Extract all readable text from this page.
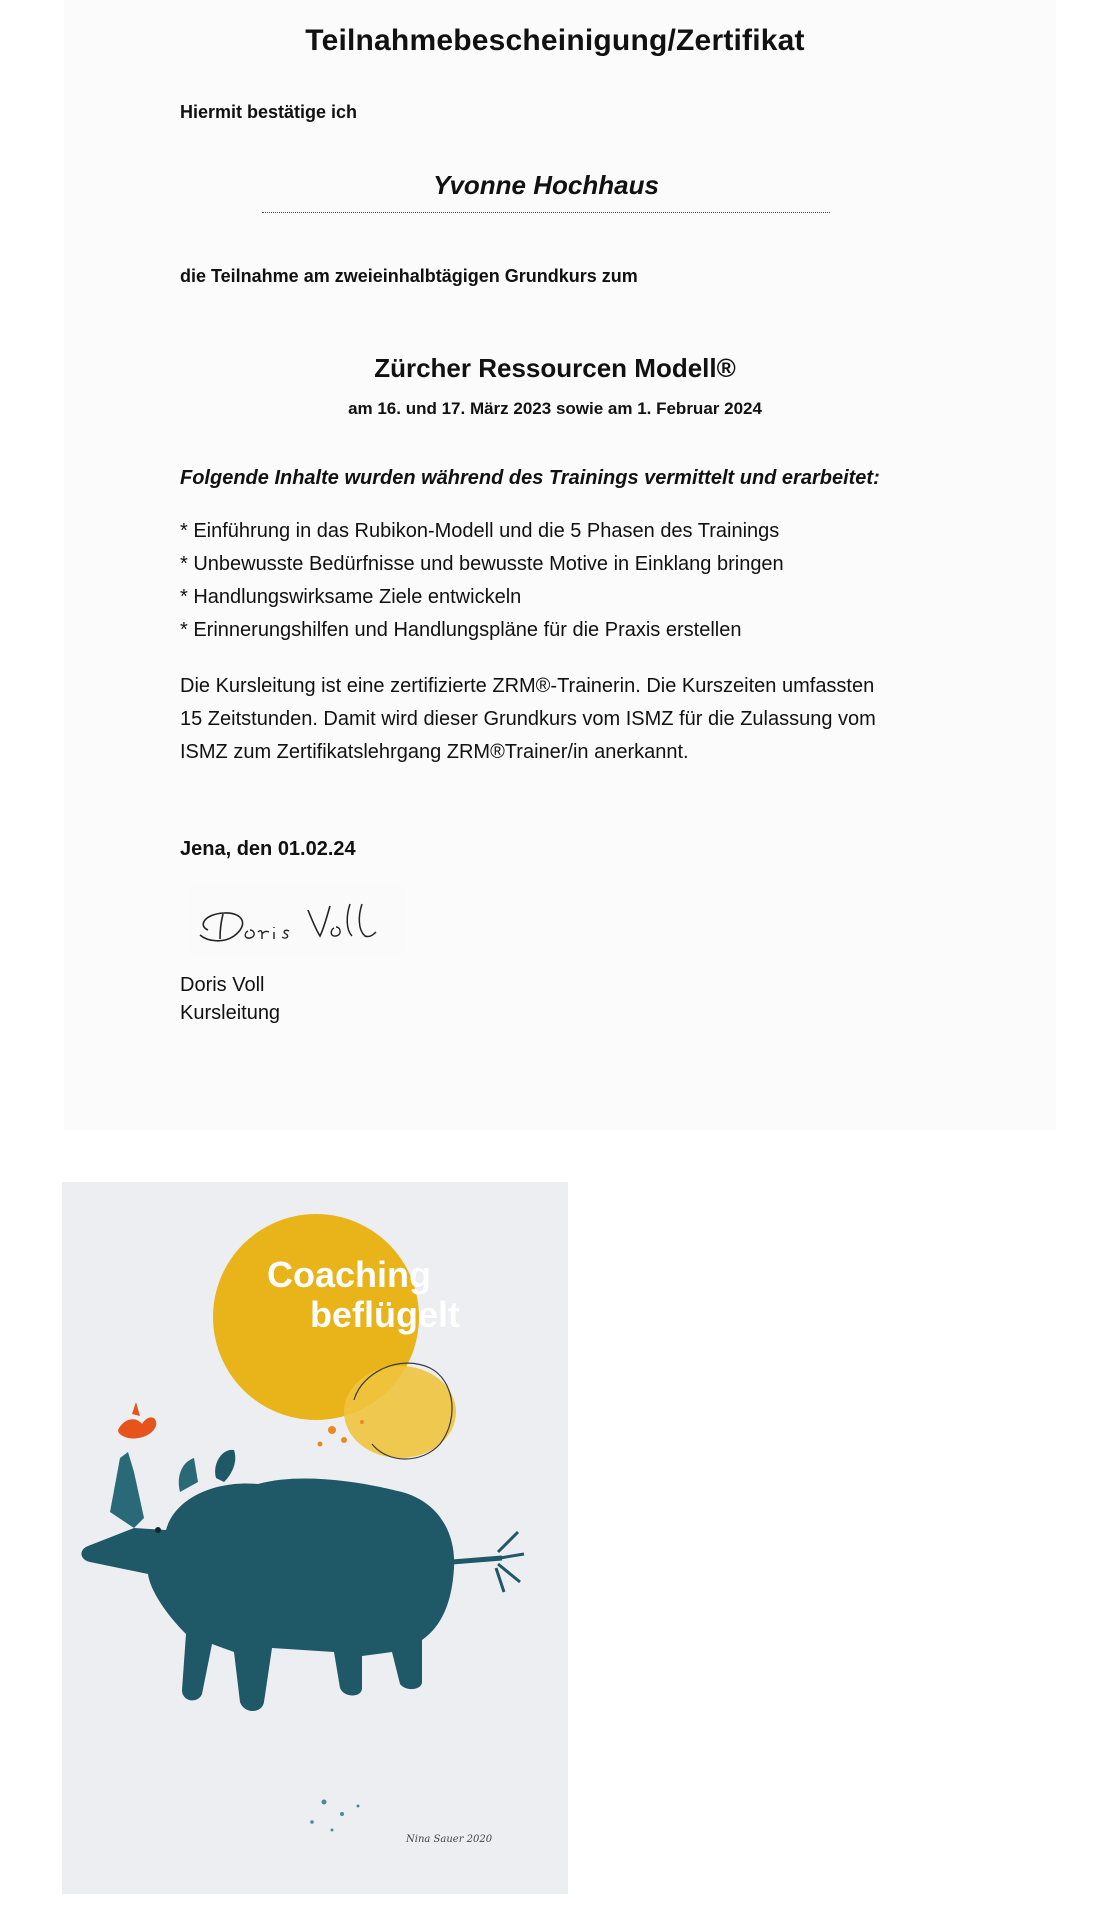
Teilnahmebescheinigung/Zertifikat

Hiermit bestätige ich

Yvonne Hochhaus

die Teilnahme am zweieinhalbtägigen Grundkurs zum

Zürcher Ressourcen Modell®

am 16. und 17. März 2023 sowie am 1. Februar 2024

Folgende Inhalte wurden während des Trainings vermittelt und erarbeitet:

* Einführung in das Rubikon-Modell und die 5 Phasen des Trainings
* Unbewusste Bedürfnisse und bewusste Motive in Einklang bringen
* Handlungswirksame Ziele entwickeln
* Erinnerungshilfen und Handlungspläne für die Praxis erstellen
Die Kursleitung ist eine zertifizierte ZRM®-Trainerin. Die Kurszeiten umfassten
15 Zeitstunden. Damit wird dieser Grundkurs vom ISMZ für die Zulassung vom
ISMZ zum Zertifikatslehrgang ZRM®Trainer/in anerkannt.

Jena, den 01.02.24

Doris Voll

Kursleitung

Coaching
beflügelt
Nina Sauer 2020
